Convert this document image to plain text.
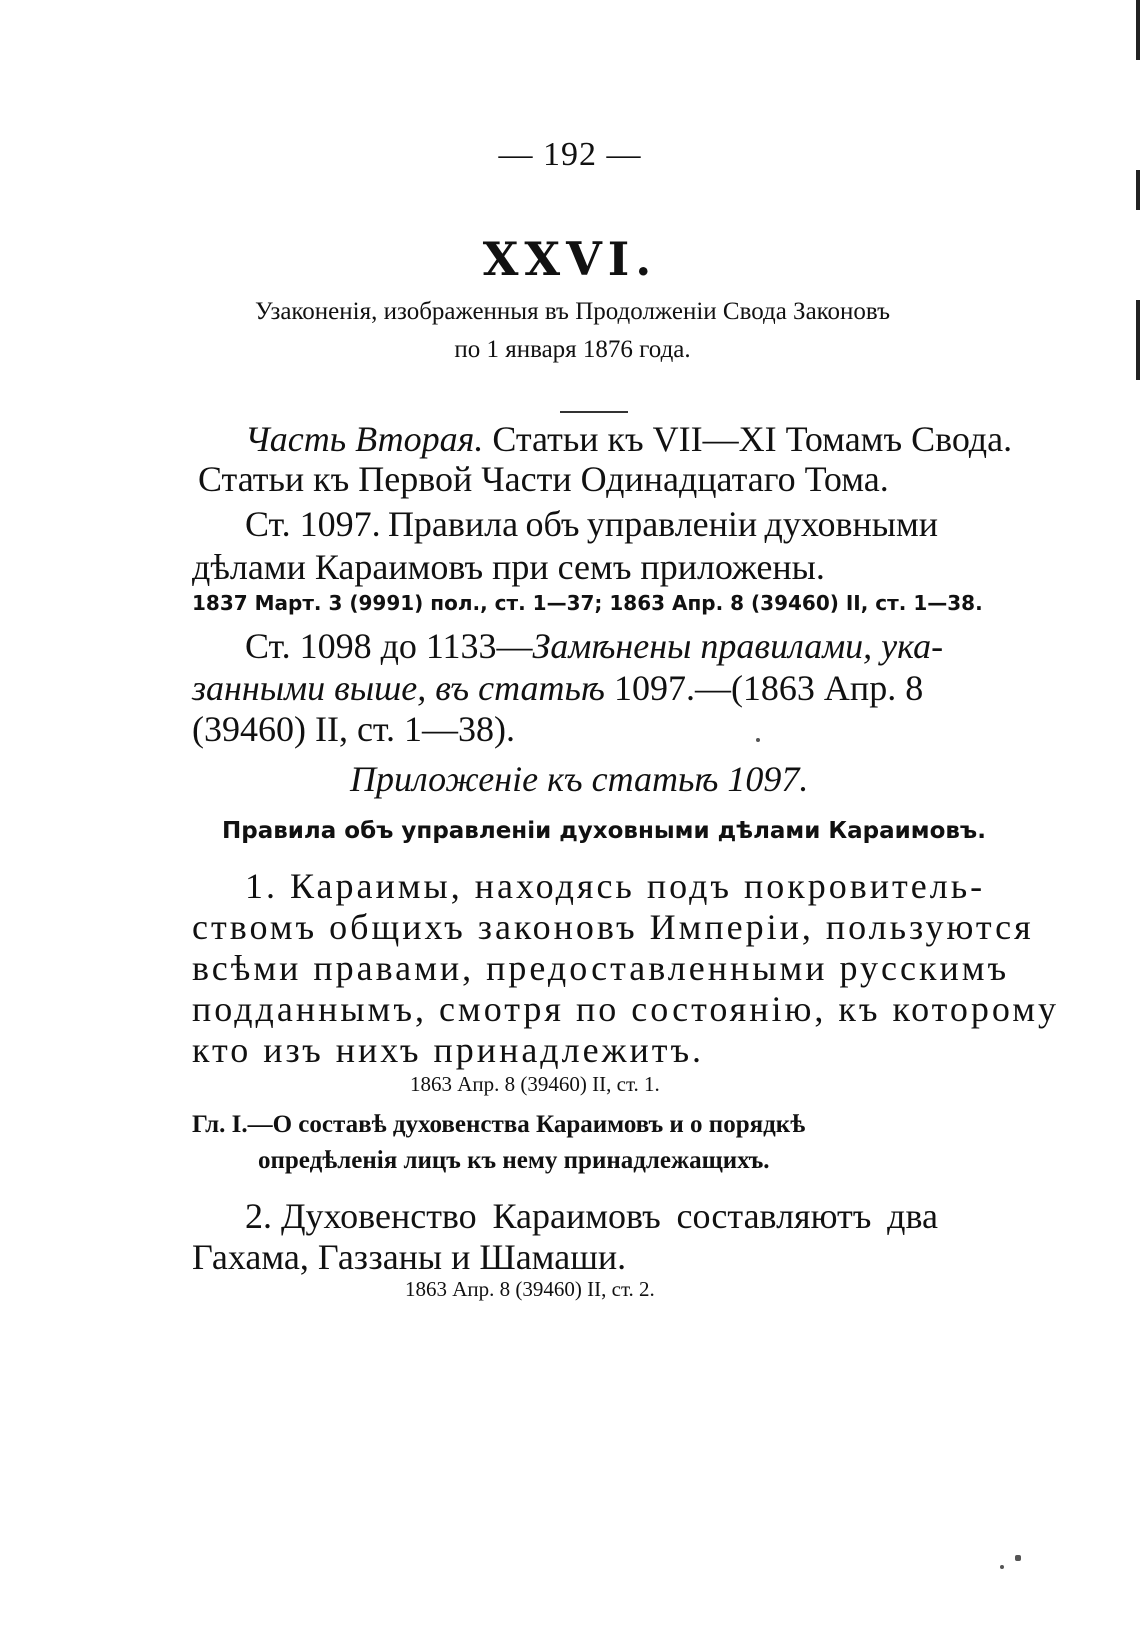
— 192 —
XXVI.
Узаконенія, изображенныя въ Продолженіи Свода Законовъ
по 1 января 1876 года.
Часть Вторая. Статьи къ VII—XI Томамъ Свода.
Статьи къ Первой Части Одинадцатаго Тома.
Ст. 1097. Правила объ управленіи духовными
дѣлами Караимовъ при семъ приложены.
1837 Март. 3 (9991) пол., ст. 1—37; 1863 Апр. 8 (39460) II, ст. 1—38.
Ст. 1098 до 1133—Замѣнены правилами, ука-
занными выше, въ статьѣ 1097.—(1863 Апр. 8
(39460) II, ст. 1—38).
Приложеніе къ статьѣ 1097.
Правила объ управленіи духовными дѣлами Караимовъ.
1. Караимы, находясь подъ покровитель-
ствомъ общихъ законовъ Имперіи, пользуются
всѣми правами, предоставленными русскимъ
подданнымъ, смотря по состоянію, къ которому
кто изъ нихъ принадлежитъ.
1863 Апр. 8 (39460) II, ст. 1.
Гл. I.—О составѣ духовенства Караимовъ и о порядкѣ
опредѣленія лицъ къ нему принадлежащихъ.
2. Духовенство Караимовъ составляютъ два
Гахама, Газзаны и Шамаши.
1863 Апр. 8 (39460) II, ст. 2.
